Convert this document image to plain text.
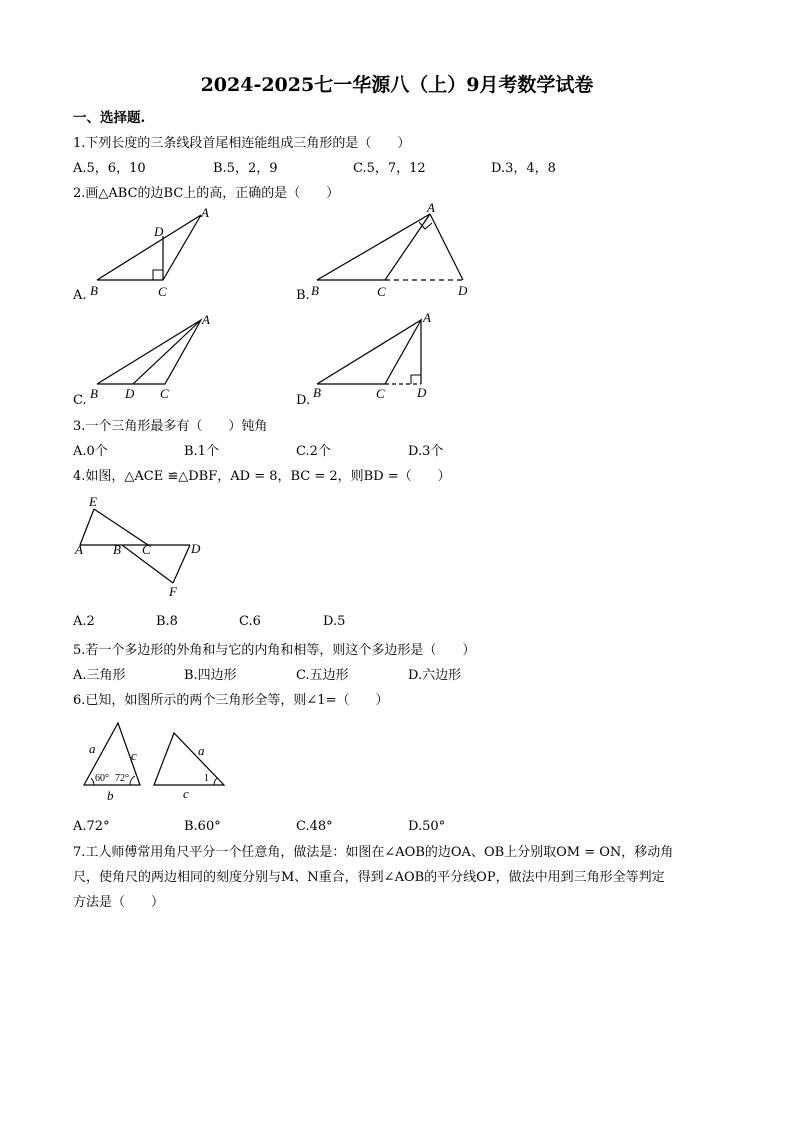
2024-2025七一华源八（上）9月考数学试卷
一、选择题.
1.下列长度的三条线段首尾相连能组成三角形的是（　　）
A.5，6，10	B.5，2，9	C.5，7，12	D.3，4，8
2.画△ABC的边BC上的高，正确的是（　　）
B	C
A
D
A.	B	C
A
D
B.
B D C
A
C.
B	C D
A
D.
3.一个三角形最多有（　　）钝角
A.0个	B.1个	C.2个	D.3个
4.如图，△ACE ≌△DBF，AD = 8，BC = 2，则BD =（　　）
E
A B C	D
F
A.2	B.8	C.6	D.5
5.若一个多边形的外角和与它的内角和相等，则这个多边形是（　　）
A.三角形	B.四边形	C.五边形	D.六边形
6.已知，如图所示的两个三角形全等，则∠1=（　　）
a	c
b
60° 72°
a
c
1
A.72°	B.60°	C.48°	D.50°
7.工人师傅常用角尺平分一个任意角，做法是：如图在∠AOB的边OA、OB上分别取OM = ON，移动角
尺，使角尺的两边相同的刻度分别与M、N重合，得到∠AOB的平分线OP，做法中用到三角形全等判定
方法是（　　）
